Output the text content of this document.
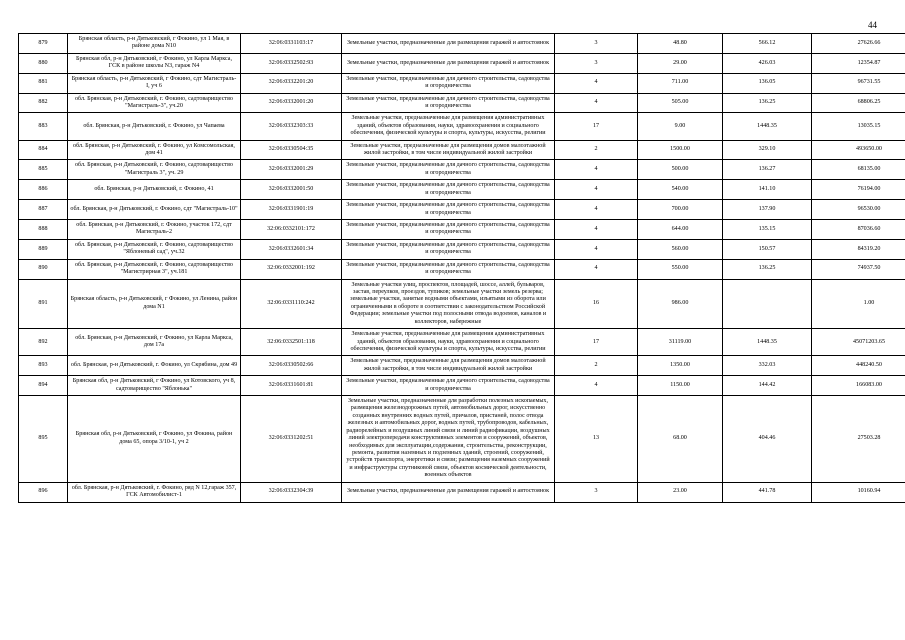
44
879	Брянская область, р-н Дятьковский, г Фокино, ул 1 Мая, в районе дома N10	32:06:0331103:17	Земельные участки, предназначенные для размещения гаражей и автостоянок	3	48.80	566.12	27626.66
880	Брянская обл, р-н Дятьковский, г Фокино, ул Карла Маркса, ГСК в районе школы N3, гараж N4	32:06:0332502:93	Земельные участки, предназначенные для размещения гаражей и автостоянок	3	29.00	426.03	12354.87
881	Брянская область, р-н Дятьковский, г Фокино, сдт Магистраль-I, уч 6	32:06:0332201:20	Земельные участки, предназначенные для дачного строительства, садоводства и огородничества	4	711.00	136.05	96731.55
882	обл. Брянская, р-н Дятьковский, г. Фокино, садтоварищество "Магистраль-3", уч.20	32:06:0332001:20	Земельные участки, предназначенные для дачного строительства, садоводства и огородничества	4	505.00	136.25	68806.25
883	обл. Брянская, р-н Дятьковский, г. Фокино, ул Чапаева	32:06:0332303:33	Земельные участки, предназначенные для размещения административных зданий, объектов образования, науки, здравоохранения и социального обеспечения, физической культуры и спорта, культуры, искусства, религии	17	9.00	1448.35	13035.15
884	обл. Брянская, р-н Дятьковский, г. Фокино, ул Комсомольская, дом 41	32:06:0330504:35	Земельные участки, предназначенные для размещения домов малоэтажной жилой застройки, в том числе индивидуальной жилой застройки	2	1500.00	329.10	493650.00
885	обл. Брянская, р-н Дятьковский, г. Фокино, садтоварищество "Магистраль 3", уч. 29	32:06:0332001:29	Земельные участки, предназначенные для дачного строительства, садоводства и огородничества	4	500.00	136.27	68135.00
886	обл. Брянская, р-н Дятьковский, г. Фокино, 41	32:06:0332001:50	Земельные участки, предназначенные для дачного строительства, садоводства и огородничества	4	540.00	141.10	76194.00
887	обл. Брянская, р-н Дятьковский, г. Фокино, сдт "Магистраль-10"	32:06:0331901:19	Земельные участки, предназначенные для дачного строительства, садоводства и огородничества	4	700.00	137.90	96530.00
888	обл. Брянская, р-н Дятьковский, г. Фокино, участок 172, сдт Магистраль-2	32:06:0332101:172	Земельные участки, предназначенные для дачного строительства, садоводства и огородничества	4	644.00	135.15	87036.60
889	обл. Брянская, р-н Дятьковский, г. Фокино, садтоварищество "Яблоневый сад", уч.32	32:06:0332601:34	Земельные участки, предназначенные для дачного строительства, садоводства и огородничества	4	560.00	150.57	84319.20
890	обл. Брянская, р-н Дятьковский, г. Фокино, садтоварищество "Магистрирная 3", уч.181	32:06:0332001:192	Земельные участки, предназначенные для дачного строительства, садоводства и огородничества	4	550.00	136.25	74937.50
891	Брянская область, р-н Дятьковский, г Фокино, ул Ленина, район дома N1	32:06:0331110:242	Земельные участки улиц, проспектов, площадей, шоссе, аллей, бульваров, застав, переулков, проездов, тупиков; земельные участки земель резерва; земельные участки, занятые водными объектами, изъятыми из оборота или ограниченными в обороте в соответствии с законодательством Российской Федерации; земельные участки под полосными отвода водоемов, каналов и коллекторов, набережные	16	986.00		1.00
892	обл. Брянская, р-н Дятьковский, г Фокино, ул Карла Маркса, дом 17а	32:06:0332501:118	Земельные участки, предназначенные для размещения административных зданий, объектов образования, науки, здравоохранения и социального обеспечения, физической культуры и спорта, культуры, искусства, религии	17	31119.00	1448.35	45071203.65
893	обл. Брянская, р-н Дятьковский, г. Фокино, ул Скрябина, дом 49	32:06:0330502:66	Земельные участки, предназначенные для размещения домов малоэтажной жилой застройки, в том числе индивидуальной жилой застройки	2	1350.00	332.03	448240.50
894	Брянская обл, р-н Дятьковский, г Фокино, ул Котовского, уч 8, садтоварищество "Яблонька"	32:06:0331601:81	Земельные участки, предназначенные для дачного строительства, садоводства и огородничества	4	1150.00	144.42	166083.00
895	Брянская обл, р-н Дятьковский, г Фокино, ул Фокина, район дома 65, опора 3/10-1, уч 2	32:06:0331202:51	Земельные участки, предназначенные для разработки полезных ископаемых, размещения железнодорожных путей, автомобильных дорог, искусственно созданных внутренних водных путей, причалов, пристаней, полос отвода железных и автомобильных дорог, водных путей, трубопроводов, кабельных, радиорелейных и воздушных линий связи и линий радиофикации, воздушных линий электропередачи конструктивных элементов и сооружений, объектов, необходимых для эксплуатации,содержания, строительства, реконструкции, ремонта, развития наземных и подземных зданий, строений, сооружений, устройств транспорта, энергетики и связи; размещения наземных сооружений и инфраструктуры спутниковой связи, объектов космической деятельности, военных объектов	13	68.00	404.46	27503.28
896	обл. Брянская, р-н Дятьковский, г. Фокино, ряд N 12,гараж 357, ГСК Автомобилист-1	32:06:0332304:39	Земельные участки, предназначенные для размещения гаражей и автостоянок	3	23.00	441.78	10160.94
